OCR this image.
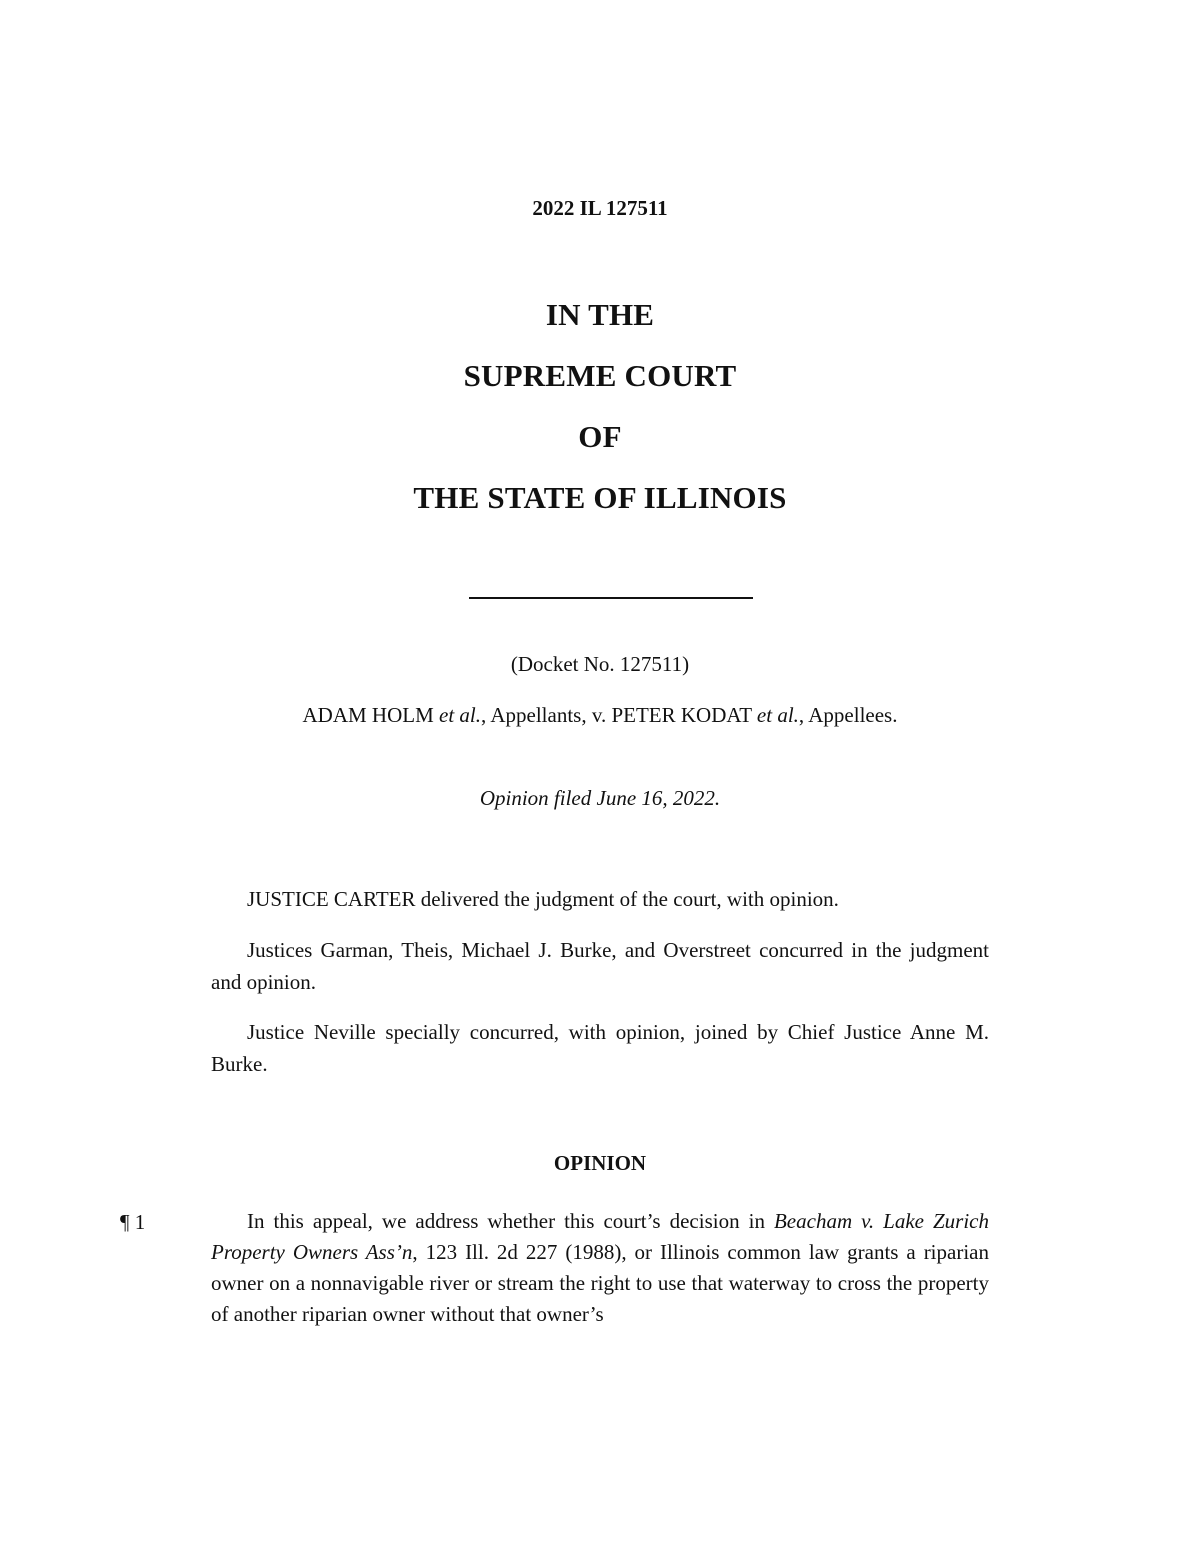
2022 IL 127511
IN THE
SUPREME COURT
OF
THE STATE OF ILLINOIS
(Docket No. 127511)
ADAM HOLM et al., Appellants, v. PETER KODAT et al., Appellees.
Opinion filed June 16, 2022.
JUSTICE CARTER delivered the judgment of the court, with opinion.
Justices Garman, Theis, Michael J. Burke, and Overstreet concurred in the judgment and opinion.
Justice Neville specially concurred, with opinion, joined by Chief Justice Anne M. Burke.
OPINION
¶ 1	In this appeal, we address whether this court’s decision in Beacham v. Lake Zurich Property Owners Ass’n, 123 Ill. 2d 227 (1988), or Illinois common law grants a riparian owner on a nonnavigable river or stream the right to use that waterway to cross the property of another riparian owner without that owner’s
